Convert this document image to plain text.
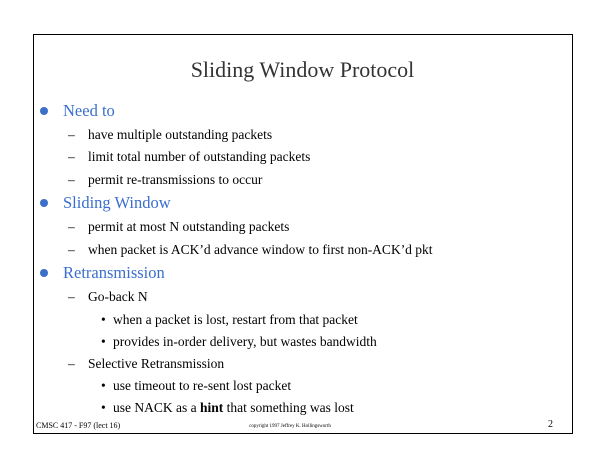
Sliding Window Protocol
Need to
– have multiple outstanding packets
– limit total number of outstanding packets
– permit re-transmissions to occur
Sliding Window
– permit at most N outstanding packets
– when packet is ACK’d advance window to first non-ACK’d pkt
Retransmission
– Go-back N
• when a packet is lost, restart from that packet
• provides in-order delivery, but wastes bandwidth
– Selective Retransmission
• use timeout to re-sent lost packet
• use NACK as a hint that something was lost
CMSC 417 - F97 (lect 16)	copyright 1997 Jeffrey K. Hollingsworth	2
